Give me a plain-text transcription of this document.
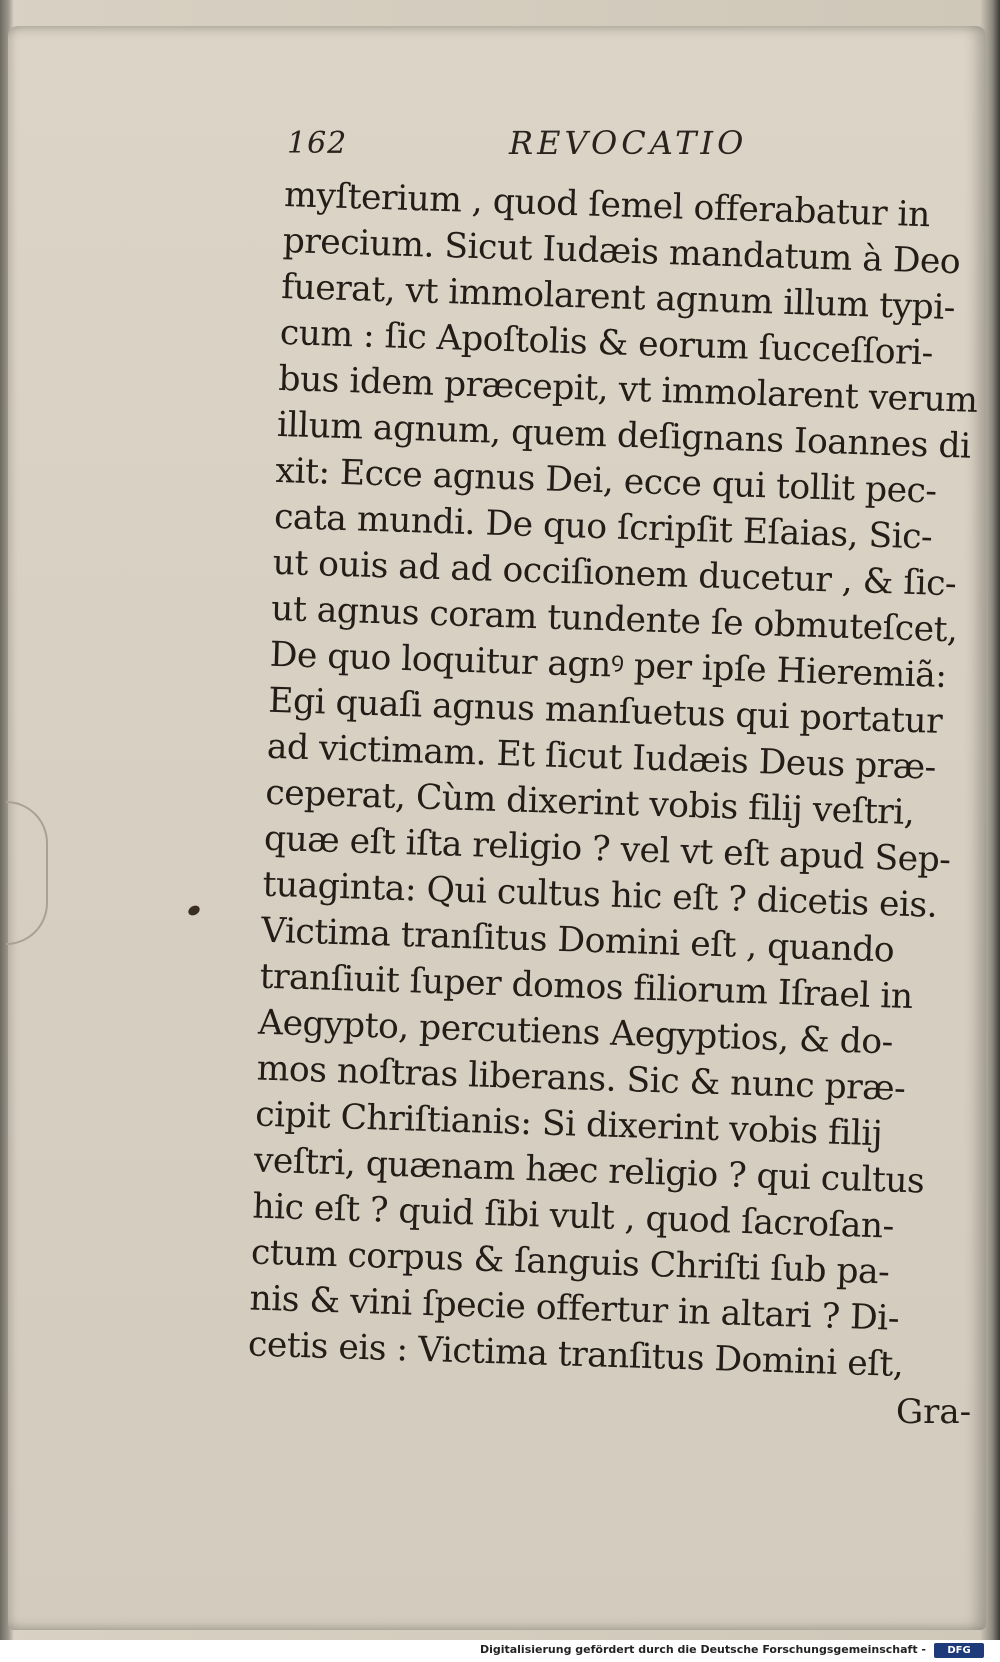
162	REVOCATIO
myſterium , quod ſemel offerabatur in
precium. Sicut Iudæis mandatum à Deo
fuerat, vt immolarent agnum illum typi-
cum : ſic Apoſtolis & eorum ſucceſſori-
bus idem præcepit, vt immolarent verum
illum agnum, quem deſignans Ioannes di
xit: Ecce agnus Dei, ecce qui tollit pec-
cata mundi. De quo ſcripſit Eſaias, Sic-
ut ouis ad ad occiſionem ducetur , & ſic-
ut agnus coram tundente ſe obmuteſcet,
De quo loquitur agnꝰ per ipſe Hieremiã:
Egi quaſi agnus manſuetus qui portatur
ad victimam. Et ſicut Iudæis Deus præ-
ceperat, Cùm dixerint vobis filij veſtri,
quæ eſt iſta religio ? vel vt eſt apud Sep-
tuaginta: Qui cultus hic eſt ? dicetis eis.
Victima tranſitus Domini eſt , quando
tranſiuit ſuper domos filiorum Iſrael in
Aegypto, percutiens Aegyptios, & do-
mos noſtras liberans. Sic & nunc præ-
cipit Chriſtianis: Si dixerint vobis filij
veſtri, quænam hæc religio ? qui cultus
hic eſt ? quid ſibi vult , quod ſacroſan-
ctum corpus & ſanguis Chriſti ſub pa-
nis & vini ſpecie offertur in altari ? Di-
cetis eis : Victima tranſitus Domini eſt,
Gra-
Digitalisierung gefördert durch die Deutsche Forschungsgemeinschaft -	DFG
